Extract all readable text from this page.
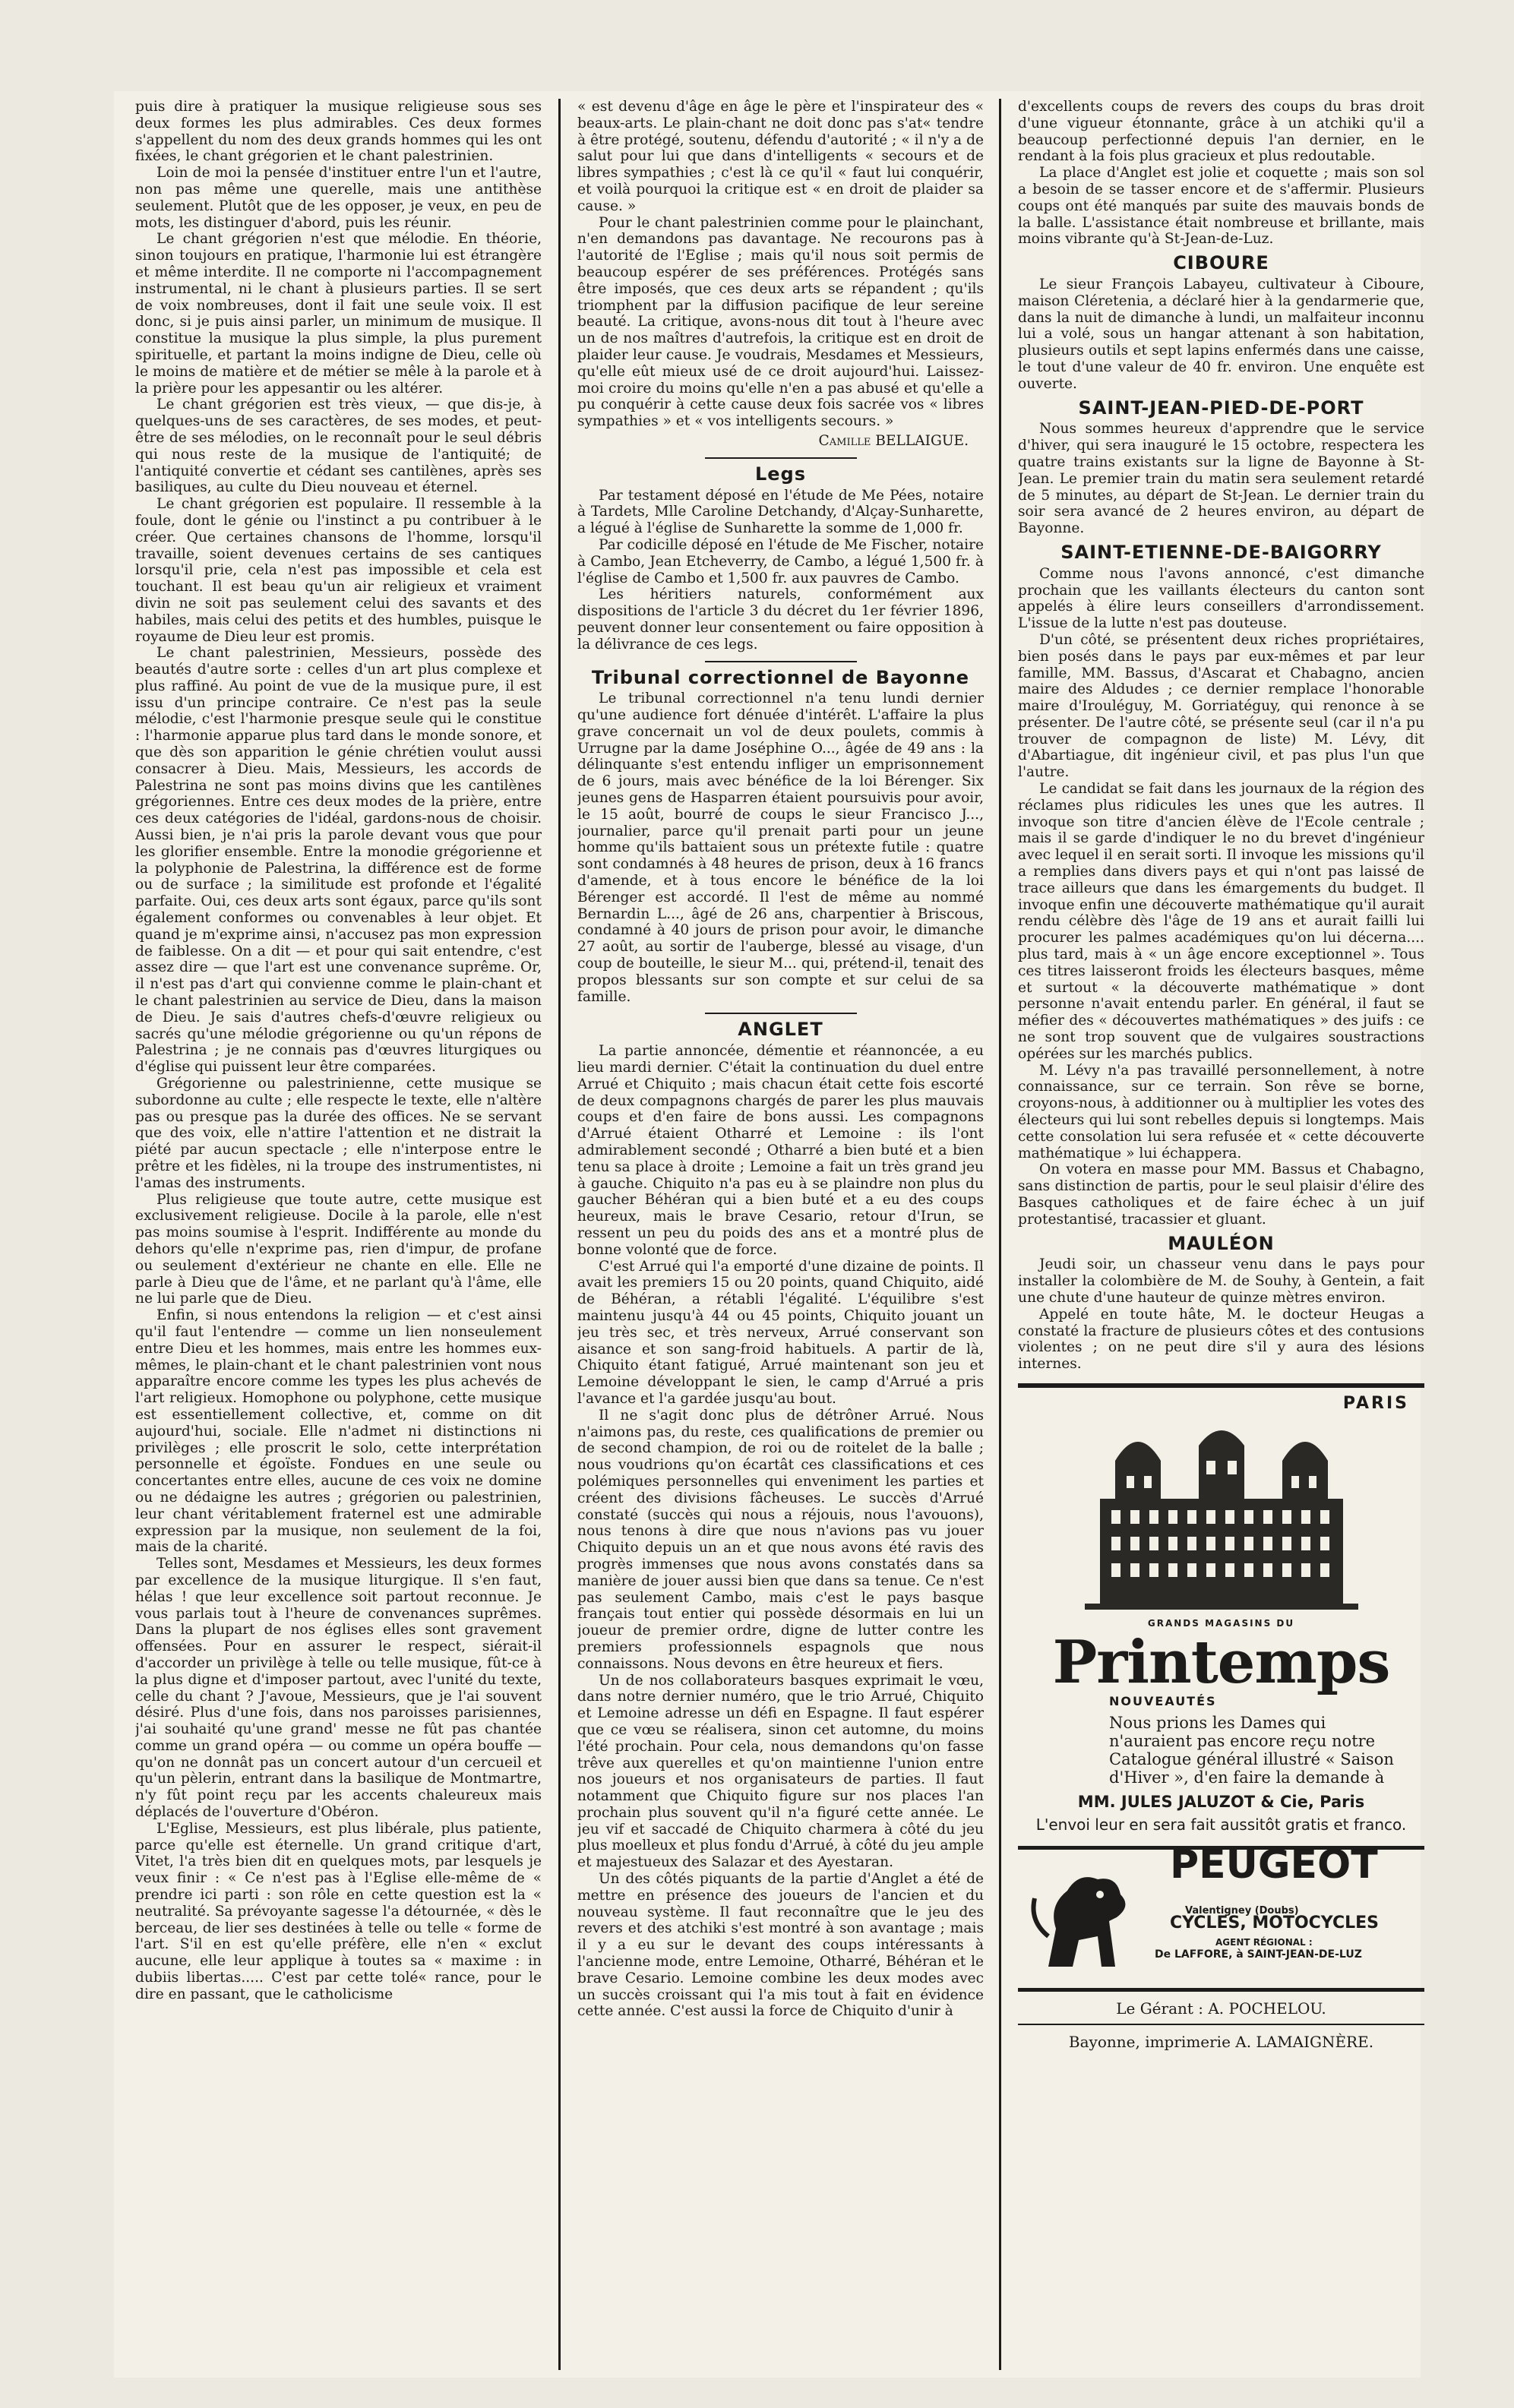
puis dire à pratiquer la musique religieuse sous ses deux formes les plus admirables. Ces deux formes s'appellent du nom des deux grands hommes qui les ont fixées, le chant grégorien et le chant palestrinien.

Loin de moi la pensée d'instituer entre l'un et l'autre, non pas même une querelle, mais une antithèse seulement. Plutôt que de les opposer, je veux, en peu de mots, les distinguer d'abord, puis les réunir.

Le chant grégorien n'est que mélodie. En théorie, sinon toujours en pratique, l'harmonie lui est étrangère et même interdite. Il ne comporte ni l'accompagnement instrumental, ni le chant à plusieurs parties. Il se sert de voix nombreuses, dont il fait une seule voix. Il est donc, si je puis ainsi parler, un minimum de musique. Il constitue la musique la plus simple, la plus purement spirituelle, et partant la moins indigne de Dieu, celle où le moins de matière et de métier se mêle à la parole et à la prière pour les appesantir ou les altérer.

Le chant grégorien est très vieux, — que dis-je, à quelques-uns de ses caractères, de ses modes, et peut-être de ses mélodies, on le reconnaît pour le seul débris qui nous reste de la musique de l'antiquité; de l'antiquité convertie et cédant ses cantilènes, après ses basiliques, au culte du Dieu nouveau et éternel.

Le chant grégorien est populaire. Il ressemble à la foule, dont le génie ou l'instinct a pu contribuer à le créer. Que certaines chansons de l'homme, lorsqu'il travaille, soient devenues certains de ses cantiques lorsqu'il prie, cela n'est pas impossible et cela est touchant. Il est beau qu'un air religieux et vraiment divin ne soit pas seulement celui des savants et des habiles, mais celui des petits et des humbles, puisque le royaume de Dieu leur est promis.

Le chant palestrinien, Messieurs, possède des beautés d'autre sorte : celles d'un art plus complexe et plus raffiné. Au point de vue de la musique pure, il est issu d'un principe contraire. Ce n'est pas la seule mélodie, c'est l'harmonie presque seule qui le constitue : l'harmonie apparue plus tard dans le monde sonore, et que dès son apparition le génie chrétien voulut aussi consacrer à Dieu. Mais, Messieurs, les accords de Palestrina ne sont pas moins divins que les cantilènes grégoriennes. Entre ces deux modes de la prière, entre ces deux catégories de l'idéal, gardons-nous de choisir. Aussi bien, je n'ai pris la parole devant vous que pour les glorifier ensemble. Entre la monodie grégorienne et la polyphonie de Palestrina, la différence est de forme ou de surface ; la similitude est profonde et l'égalité parfaite. Oui, ces deux arts sont égaux, parce qu'ils sont également conformes ou convenables à leur objet. Et quand je m'exprime ainsi, n'accusez pas mon expression de faiblesse. On a dit — et pour qui sait entendre, c'est assez dire — que l'art est une convenance suprême. Or, il n'est pas d'art qui convienne comme le plain-chant et le chant palestrinien au service de Dieu, dans la maison de Dieu. Je sais d'autres chefs-d'œuvre religieux ou sacrés qu'une mélodie grégorienne ou qu'un répons de Palestrina ; je ne connais pas d'œuvres liturgiques ou d'église qui puissent leur être comparées.

Grégorienne ou palestrinienne, cette musique se subordonne au culte ; elle respecte le texte, elle n'altère pas ou presque pas la durée des offices. Ne se servant que des voix, elle n'attire l'attention et ne distrait la piété par aucun spectacle ; elle n'interpose entre le prêtre et les fidèles, ni la troupe des instrumentistes, ni l'amas des instruments.

Plus religieuse que toute autre, cette musique est exclusivement religieuse. Docile à la parole, elle n'est pas moins soumise à l'esprit. Indifférente au monde du dehors qu'elle n'exprime pas, rien d'impur, de profane ou seulement d'extérieur ne chante en elle. Elle ne parle à Dieu que de l'âme, et ne parlant qu'à l'âme, elle ne lui parle que de Dieu.

Enfin, si nous entendons la religion — et c'est ainsi qu'il faut l'entendre — comme un lien nonseulement entre Dieu et les hommes, mais entre les hommes eux-mêmes, le plain-chant et le chant palestrinien vont nous apparaître encore comme les types les plus achevés de l'art religieux. Homophone ou polyphone, cette musique est essentiellement collective, et, comme on dit aujourd'hui, sociale. Elle n'admet ni distinctions ni privilèges ; elle proscrit le solo, cette interprétation personnelle et égoïste. Fondues en une seule ou concertantes entre elles, aucune de ces voix ne domine ou ne dédaigne les autres ; grégorien ou palestrinien, leur chant véritablement fraternel est une admirable expression par la musique, non seulement de la foi, mais de la charité.

Telles sont, Mesdames et Messieurs, les deux formes par excellence de la musique liturgique. Il s'en faut, hélas ! que leur excellence soit partout reconnue. Je vous parlais tout à l'heure de convenances suprêmes. Dans la plupart de nos églises elles sont gravement offensées. Pour en assurer le respect, siérait-il d'accorder un privilège à telle ou telle musique, fût-ce à la plus digne et d'imposer partout, avec l'unité du texte, celle du chant ? J'avoue, Messieurs, que je l'ai souvent désiré. Plus d'une fois, dans nos paroisses parisiennes, j'ai souhaité qu'une grand' messe ne fût pas chantée comme un grand opéra — ou comme un opéra bouffe — qu'on ne donnât pas un concert autour d'un cercueil et qu'un pèlerin, entrant dans la basilique de Montmartre, n'y fût point reçu par les accents chaleureux mais déplacés de l'ouverture d'Obéron.

L'Eglise, Messieurs, est plus libérale, plus patiente, parce qu'elle est éternelle. Un grand critique d'art, Vitet, l'a très bien dit en quelques mots, par lesquels je veux finir : « Ce n'est pas à l'Eglise elle-même de « prendre ici parti : son rôle en cette question est la « neutralité. Sa prévoyante sagesse l'a détournée, « dès le berceau, de lier ses destinées à telle ou telle « forme de l'art. S'il en est qu'elle préfère, elle n'en « exclut aucune, elle leur applique à toutes sa « maxime : in dubiis libertas..... C'est par cette tolé« rance, pour le dire en passant, que le catholicisme

« est devenu d'âge en âge le père et l'inspirateur des « beaux-arts. Le plain-chant ne doit donc pas s'at« tendre à être protégé, soutenu, défendu d'autorité ; « il n'y a de salut pour lui que dans d'intelligents « secours et de libres sympathies ; c'est là ce qu'il « faut lui conquérir, et voilà pourquoi la critique est « en droit de plaider sa cause. »

Pour le chant palestrinien comme pour le plainchant, n'en demandons pas davantage. Ne recourons pas à l'autorité de l'Eglise ; mais qu'il nous soit permis de beaucoup espérer de ses préférences. Protégés sans être imposés, que ces deux arts se répandent ; qu'ils triomphent par la diffusion pacifique de leur sereine beauté. La critique, avons-nous dit tout à l'heure avec un de nos maîtres d'autrefois, la critique est en droit de plaider leur cause. Je voudrais, Mesdames et Messieurs, qu'elle eût mieux usé de ce droit aujourd'hui. Laissez-moi croire du moins qu'elle n'en a pas abusé et qu'elle a pu conquérir à cette cause deux fois sacrée vos « libres sympathies » et « vos intelligents secours. »

Camille BELLAIGUE.
Legs

Par testament déposé en l'étude de Me Pées, notaire à Tardets, Mlle Caroline Detchandy, d'Alçay-Sunharette, a légué à l'église de Sunharette la somme de 1,000 fr.

Par codicille déposé en l'étude de Me Fischer, notaire à Cambo, Jean Etcheverry, de Cambo, a légué 1,500 fr. à l'église de Cambo et 1,500 fr. aux pauvres de Cambo.

Les héritiers naturels, conformément aux dispositions de l'article 3 du décret du 1er février 1896, peuvent donner leur consentement ou faire opposition à la délivrance de ces legs.

Tribunal correctionnel de Bayonne

Le tribunal correctionnel n'a tenu lundi dernier qu'une audience fort dénuée d'intérêt. L'affaire la plus grave concernait un vol de deux poulets, commis à Urrugne par la dame Joséphine O..., âgée de 49 ans : la délinquante s'est entendu infliger un emprisonnement de 6 jours, mais avec bénéfice de la loi Bérenger. Six jeunes gens de Hasparren étaient poursuivis pour avoir, le 15 août, bourré de coups le sieur Francisco J..., journalier, parce qu'il prenait parti pour un jeune homme qu'ils battaient sous un prétexte futile : quatre sont condamnés à 48 heures de prison, deux à 16 francs d'amende, et à tous encore le bénéfice de la loi Bérenger est accordé. Il l'est de même au nommé Bernardin L..., âgé de 26 ans, charpentier à Briscous, condamné à 40 jours de prison pour avoir, le dimanche 27 août, au sortir de l'auberge, blessé au visage, d'un coup de bouteille, le sieur M... qui, prétend-il, tenait des propos blessants sur son compte et sur celui de sa famille.

ANGLET

La partie annoncée, démentie et réannoncée, a eu lieu mardi dernier. C'était la continuation du duel entre Arrué et Chiquito ; mais chacun était cette fois escorté de deux compagnons chargés de parer les plus mauvais coups et d'en faire de bons aussi. Les compagnons d'Arrué étaient Otharré et Lemoine : ils l'ont admirablement secondé ; Otharré a bien buté et a bien tenu sa place à droite ; Lemoine a fait un très grand jeu à gauche. Chiquito n'a pas eu à se plaindre non plus du gaucher Béhéran qui a bien buté et a eu des coups heureux, mais le brave Cesario, retour d'Irun, se ressent un peu du poids des ans et a montré plus de bonne volonté que de force.

C'est Arrué qui l'a emporté d'une dizaine de points. Il avait les premiers 15 ou 20 points, quand Chiquito, aidé de Béhéran, a rétabli l'égalité. L'équilibre s'est maintenu jusqu'à 44 ou 45 points, Chiquito jouant un jeu très sec, et très nerveux, Arrué conservant son aisance et son sang-froid habituels. A partir de là, Chiquito étant fatigué, Arrué maintenant son jeu et Lemoine développant le sien, le camp d'Arrué a pris l'avance et l'a gardée jusqu'au bout.

Il ne s'agit donc plus de détrôner Arrué. Nous n'aimons pas, du reste, ces qualifications de premier ou de second champion, de roi ou de roitelet de la balle ; nous voudrions qu'on écartât ces classifications et ces polémiques personnelles qui enveniment les parties et créent des divisions fâcheuses. Le succès d'Arrué constaté (succès qui nous a réjouis, nous l'avouons), nous tenons à dire que nous n'avions pas vu jouer Chiquito depuis un an et que nous avons été ravis des progrès immenses que nous avons constatés dans sa manière de jouer aussi bien que dans sa tenue. Ce n'est pas seulement Cambo, mais c'est le pays basque français tout entier qui possède désormais en lui un joueur de premier ordre, digne de lutter contre les premiers professionnels espagnols que nous connaissons. Nous devons en être heureux et fiers.

Un de nos collaborateurs basques exprimait le vœu, dans notre dernier numéro, que le trio Arrué, Chiquito et Lemoine adresse un défi en Espagne. Il faut espérer que ce vœu se réalisera, sinon cet automne, du moins l'été prochain. Pour cela, nous demandons qu'on fasse trêve aux querelles et qu'on maintienne l'union entre nos joueurs et nos organisateurs de parties. Il faut notamment que Chiquito figure sur nos places l'an prochain plus souvent qu'il n'a figuré cette année. Le jeu vif et saccadé de Chiquito charmera à côté du jeu plus moelleux et plus fondu d'Arrué, à côté du jeu ample et majestueux des Salazar et des Ayestaran.

Un des côtés piquants de la partie d'Anglet a été de mettre en présence des joueurs de l'ancien et du nouveau système. Il faut reconnaître que le jeu des revers et des atchiki s'est montré à son avantage ; mais il y a eu sur le devant des coups intéressants à l'ancienne mode, entre Lemoine, Otharré, Béhéran et le brave Cesario. Lemoine combine les deux modes avec un succès croissant qui l'a mis tout à fait en évidence cette année. C'est aussi la force de Chiquito d'unir à

d'excellents coups de revers des coups du bras droit d'une vigueur étonnante, grâce à un atchiki qu'il a beaucoup perfectionné depuis l'an dernier, en le rendant à la fois plus gracieux et plus redoutable.

La place d'Anglet est jolie et coquette ; mais son sol a besoin de se tasser encore et de s'affermir. Plusieurs coups ont été manqués par suite des mauvais bonds de la balle. L'assistance était nombreuse et brillante, mais moins vibrante qu'à St-Jean-de-Luz.

CIBOURE

Le sieur François Labayeu, cultivateur à Ciboure, maison Cléretenia, a déclaré hier à la gendarmerie que, dans la nuit de dimanche à lundi, un malfaiteur inconnu lui a volé, sous un hangar attenant à son habitation, plusieurs outils et sept lapins enfermés dans une caisse, le tout d'une valeur de 40 fr. environ. Une enquête est ouverte.

SAINT-JEAN-PIED-DE-PORT

Nous sommes heureux d'apprendre que le service d'hiver, qui sera inauguré le 15 octobre, respectera les quatre trains existants sur la ligne de Bayonne à St-Jean. Le premier train du matin sera seulement retardé de 5 minutes, au départ de St-Jean. Le dernier train du soir sera avancé de 2 heures environ, au départ de Bayonne.

SAINT-ETIENNE-DE-BAIGORRY

Comme nous l'avons annoncé, c'est dimanche prochain que les vaillants électeurs du canton sont appelés à élire leurs conseillers d'arrondissement. L'issue de la lutte n'est pas douteuse.

D'un côté, se présentent deux riches propriétaires, bien posés dans le pays par eux-mêmes et par leur famille, MM. Bassus, d'Ascarat et Chabagno, ancien maire des Aldudes ; ce dernier remplace l'honorable maire d'Irouléguy, M. Gorriatéguy, qui renonce à se présenter. De l'autre côté, se présente seul (car il n'a pu trouver de compagnon de liste) M. Lévy, dit d'Abartiague, dit ingénieur civil, et pas plus l'un que l'autre.

Le candidat se fait dans les journaux de la région des réclames plus ridicules les unes que les autres. Il invoque son titre d'ancien élève de l'Ecole centrale ; mais il se garde d'indiquer le no du brevet d'ingénieur avec lequel il en serait sorti. Il invoque les missions qu'il a remplies dans divers pays et qui n'ont pas laissé de trace ailleurs que dans les émargements du budget. Il invoque enfin une découverte mathématique qu'il aurait rendu célèbre dès l'âge de 19 ans et aurait failli lui procurer les palmes académiques qu'on lui décerna.... plus tard, mais à « un âge encore exceptionnel ». Tous ces titres laisseront froids les électeurs basques, même et surtout « la découverte mathématique » dont personne n'avait entendu parler. En général, il faut se méfier des « découvertes mathématiques » des juifs : ce ne sont trop souvent que de vulgaires soustractions opérées sur les marchés publics.

M. Lévy n'a pas travaillé personnellement, à notre connaissance, sur ce terrain. Son rêve se borne, croyons-nous, à additionner ou à multiplier les votes des électeurs qui lui sont rebelles depuis si longtemps. Mais cette consolation lui sera refusée et « cette découverte mathématique » lui échappera.

On votera en masse pour MM. Bassus et Chabagno, sans distinction de partis, pour le seul plaisir d'élire des Basques catholiques et de faire échec à un juif protestantisé, tracassier et gluant.

MAULÉON

Jeudi soir, un chasseur venu dans le pays pour installer la colombière de M. de Souhy, à Gentein, a fait une chute d'une hauteur de quinze mètres environ.

Appelé en toute hâte, M. le docteur Heugas a constaté la fracture de plusieurs côtes et des contusions violentes ; on ne peut dire s'il y aura des lésions internes.

PARIS
GRANDS MAGASINS DU
Printemps
NOUVEAUTÉS
Nous prions les Dames qui n'auraient pas encore reçu notre Catalogue général illustré « Saison d'Hiver », d'en faire la demande à
MM. JULES JALUZOT & Cie, Paris
L'envoi leur en sera fait aussitôt gratis et franco.
PEUGEOT
Valentigney (Doubs)
CYCLES, MOTOCYCLES
AGENT RÉGIONAL :
De LAFFORE, à SAINT-JEAN-DE-LUZ
Le Gérant : A. POCHELOU.
Bayonne, imprimerie A. LAMAIGNÈRE.
